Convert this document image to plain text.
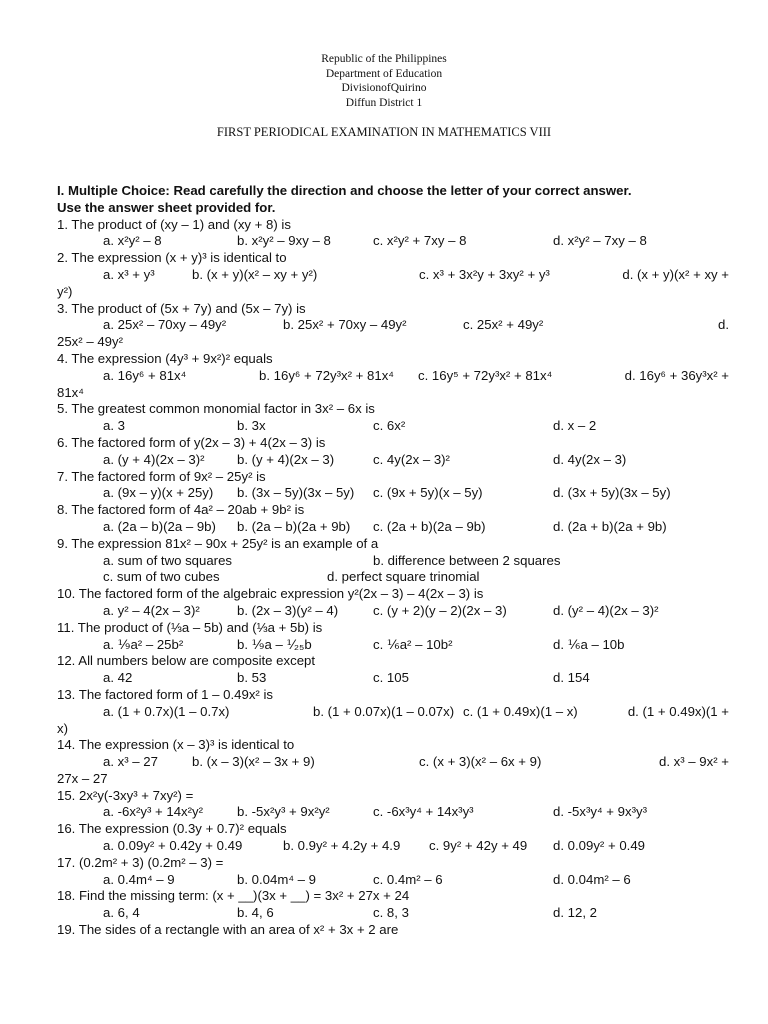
Republic of the Philippines
Department of Education
DivisionofQuirino
Diffun District 1
FIRST PERIODICAL EXAMINATION IN MATHEMATICS VIII
I. Multiple Choice: Read carefully the direction and choose the letter of your correct answer.
Use the answer sheet provided for.
1. The product of (xy – 1) and (xy + 8) is
a. x²y² – 8	b. x²y² – 9xy – 8	c. x²y² + 7xy – 8	d. x²y² – 7xy – 8
2. The expression (x + y)³ is identical to
a. x³ + y³	b. (x + y)(x² – xy + y²)	c. x³ + 3x²y + 3xy² + y³	d. (x + y)(x² + xy +
y²)
3. The product of (5x + 7y) and (5x – 7y) is
a. 25x² – 70xy – 49y²	b. 25x² + 70xy – 49y²	c. 25x² + 49y²	d.
25x² – 49y²
4. The expression (4y³ + 9x²)² equals
a. 16y⁶ + 81x⁴	b. 16y⁶ + 72y³x² + 81x⁴ c. 16y⁵ + 72y³x² + 81x⁴	d. 16y⁶ + 36y³x² +
81x⁴
5. The greatest common monomial factor in 3x² – 6x is
a. 3	b. 3x	c. 6x²	d. x – 2
6. The factored form of y(2x – 3) + 4(2x – 3) is
a. (y + 4)(2x – 3)² b. (y + 4)(2x – 3)	c. 4y(2x – 3)²	d. 4y(2x – 3)
7. The factored form of 9x² – 25y² is
a. (9x – y)(x + 25y) b. (3x – 5y)(3x – 5y) c. (9x + 5y)(x – 5y)	d. (3x + 5y)(3x – 5y)
8. The factored form of 4a² – 20ab + 9b² is
a. (2a – b)(2a – 9b) b. (2a – b)(2a + 9b) c. (2a + b)(2a – 9b)	d. (2a + b)(2a + 9b)
9. The expression 81x² – 90x + 25y² is an example of a
a. sum of two squares	b. difference between 2 squares
c. sum of two cubes	d. perfect square trinomial
10. The factored form of the algebraic expression y²(2x – 3) – 4(2x – 3) is
a. y² – 4(2x – 3)²	b. (2x – 3)(y² – 4)	c. (y + 2)(y – 2)(2x – 3)	d. (y² – 4)(2x – 3)²
11. The product of (⅓a – 5b) and (⅓a + 5b) is
a. ⅑a² – 25b²	b. ⅑a – ⅟₂₅b	c. ⅙a² – 10b²	d. ⅙a – 10b
12. All numbers below are composite except
a. 42	b. 53	c. 105	d. 154
13. The factored form of 1 – 0.49x² is
a. (1 + 0.7x)(1 – 0.7x)	b. (1 + 0.07x)(1 – 0.07x) c. (1 + 0.49x)(1 – x)	d. (1 + 0.49x)(1 +
x)
14. The expression (x – 3)³ is identical to
a. x³ – 27	b. (x – 3)(x² – 3x + 9)	c. (x + 3)(x² – 6x + 9)	d. x³ – 9x² +
27x – 27
15. 2x²y(-3xy³ + 7xy²) =
a. -6x²y³ + 14x²y²	b. -5x²y³ + 9x²y²	c. -6x³y⁴ + 14x³y³	d. -5x³y⁴ + 9x³y³
16. The expression (0.3y + 0.7)² equals
a. 0.09y² + 0.42y + 0.49	b. 0.9y² + 4.2y + 4.9 c. 9y² + 42y + 49 d. 0.09y² + 0.49
17. (0.2m² + 3) (0.2m² – 3) =
a. 0.4m⁴ – 9	b. 0.04m⁴ – 9	c. 0.4m² – 6	d. 0.04m² – 6
18. Find the missing term: (x + __)(3x + __) = 3x² + 27x + 24
a. 6, 4	b. 4, 6	c. 8, 3	d. 12, 2
19. The sides of a rectangle with an area of x² + 3x + 2 are
